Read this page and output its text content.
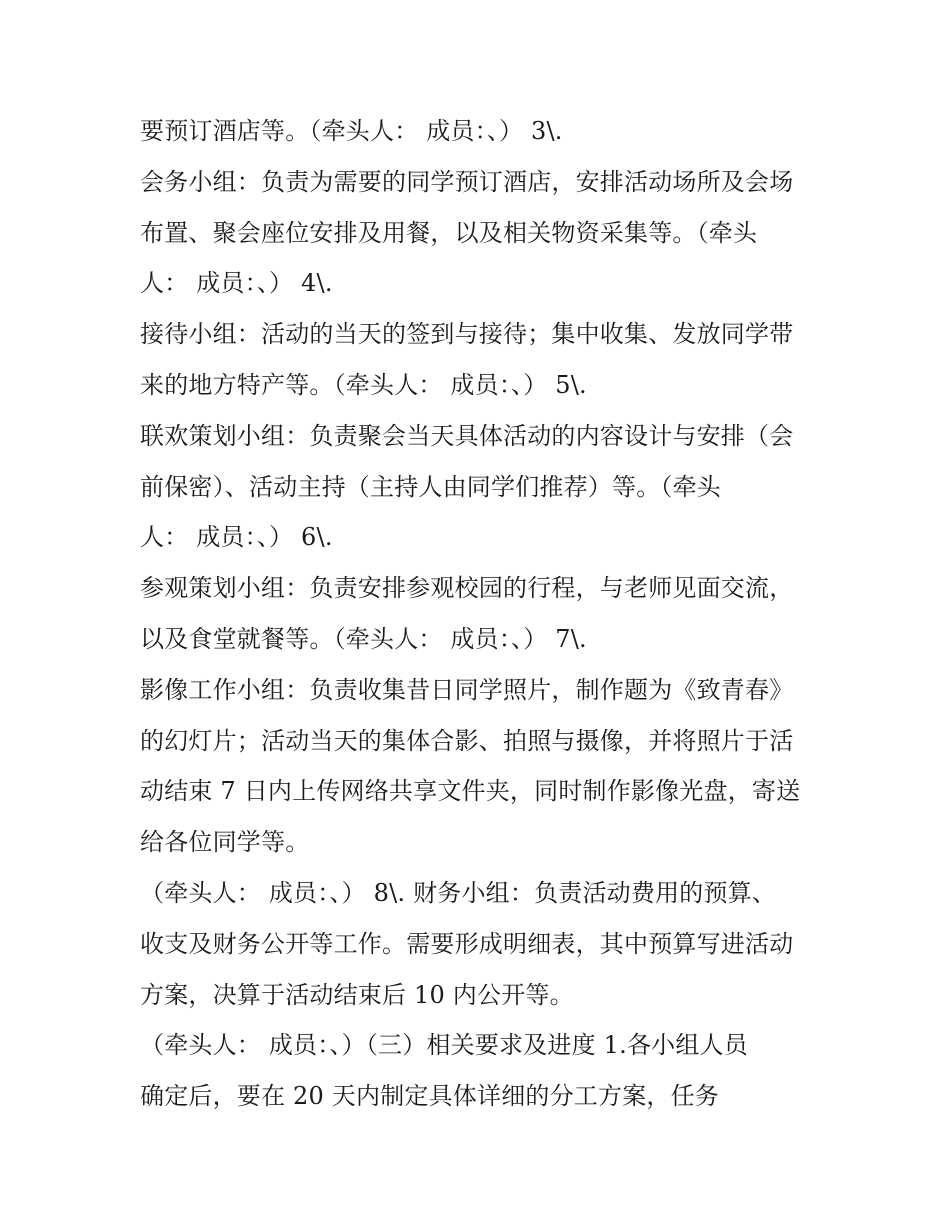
要预订酒店等。（牵头人： 成员：、） 3\.
会务小组：负责为需要的同学预订酒店，安排活动场所及会场
布置、聚会座位安排及用餐，以及相关物资采集等。（牵头
人： 成员：、） 4\.
接待小组：活动的当天的签到与接待；集中收集、发放同学带
来的地方特产等。（牵头人： 成员：、） 5\.
联欢策划小组：负责聚会当天具体活动的内容设计与安排（会
前保密）、活动主持（主持人由同学们推荐）等。（牵头
人： 成员：、） 6\.
参观策划小组：负责安排参观校园的行程，与老师见面交流，
以及食堂就餐等。（牵头人： 成员：、） 7\.
影像工作小组：负责收集昔日同学照片，制作题为《致青春》
的幻灯片；活动当天的集体合影、拍照与摄像，并将照片于活
动结束 7 日内上传网络共享文件夹，同时制作影像光盘，寄送
给各位同学等。
（牵头人： 成员：、） 8\. 财务小组：负责活动费用的预算、
收支及财务公开等工作。需要形成明细表，其中预算写进活动
方案，决算于活动结束后 10 内公开等。
（牵头人： 成员：、）（三）相关要求及进度 1.各小组人员
确定后，要在 20 天内制定具体详细的分工方案，任务
